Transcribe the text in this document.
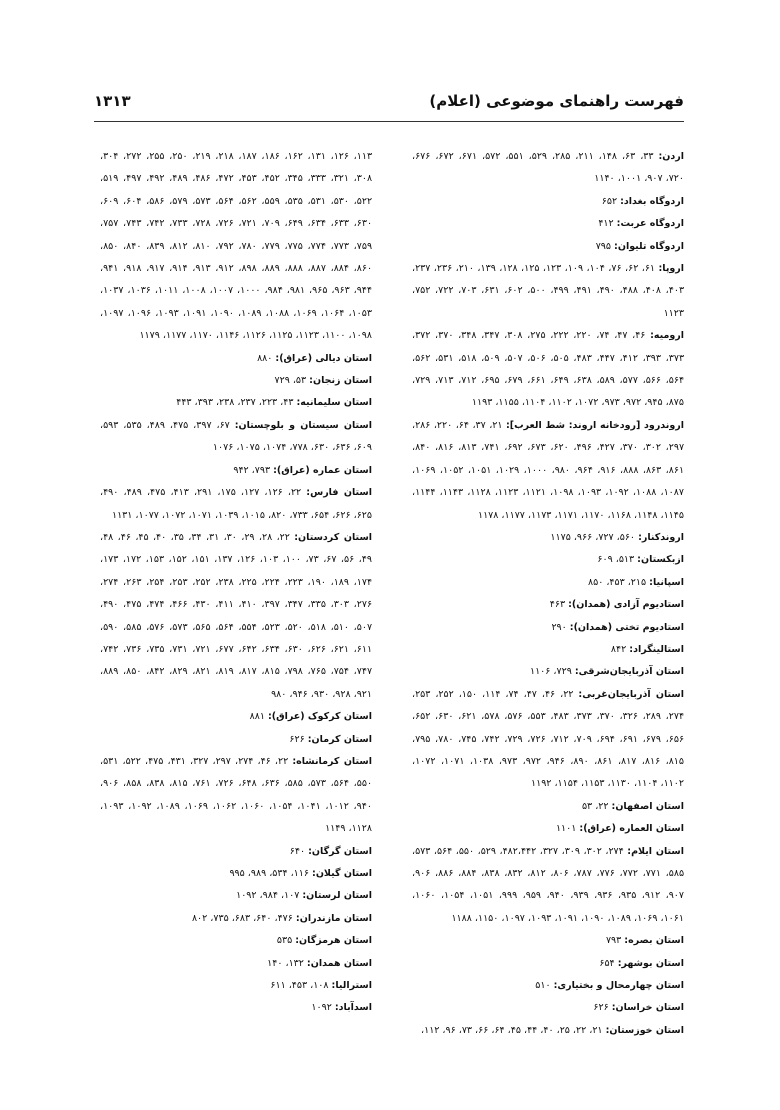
فهرست راهنمای موضوعی (اعلام)
۱۳۱۳

اردن: ۳۳، ۶۳، ۱۴۸، ۲۱۱، ۲۸۵، ۵۲۹، ۵۵۱، ۵۷۲، ۶۷۱، ۶۷۲، ۶۷۶، ۷۲۰، ۹۰۷، ۱۰۰۱، ۱۱۴۰

اردوگاه بغداد: ۶۵۲

اردوگاه عربت: ۴۱۲

اردوگاه تلیوان: ۷۹۵

اروپا: ۶۱، ۶۲، ۷۶، ۱۰۴، ۱۰۹، ۱۲۳، ۱۲۵، ۱۲۸، ۱۳۹، ۲۱۰، ۲۳۶، ۲۳۷، ۴۰۳، ۴۰۸، ۴۸۸، ۴۹۰، ۴۹۱، ۴۹۹، ۵۰۰، ۶۰۲، ۶۳۱، ۷۰۳، ۷۲۲، ۷۵۲، ۱۱۲۳

ارومیه: ۴۶، ۴۷، ۷۴، ۲۲۰، ۲۲۲، ۲۷۵، ۳۰۸، ۳۴۷، ۳۴۸، ۳۷۰، ۳۷۲، ۳۷۳، ۳۹۳، ۴۱۲، ۴۴۷، ۴۸۳، ۵۰۵، ۵۰۶، ۵۰۷، ۵۰۹، ۵۱۸، ۵۳۱، ۵۶۲، ۵۶۴، ۵۶۶، ۵۷۷، ۵۸۹، ۶۳۸، ۶۴۹، ۶۶۱، ۶۷۹، ۶۹۵، ۷۱۲، ۷۱۳، ۷۲۹، ۸۷۵، ۹۴۵، ۹۷۲، ۹۷۳، ۱۰۷۲، ۱۱۰۲، ۱۱۰۴، ۱۱۵۵، ۱۱۹۳

اروندرود [رودخانه اروند: شط العرب]: ۲۱، ۳۷، ۶۴، ۲۲۰، ۲۸۶، ۲۹۷، ۳۰۲، ۳۷۰، ۴۲۷، ۴۹۶، ۶۲۰، ۶۷۳، ۶۹۲، ۷۴۱، ۸۱۳، ۸۱۶، ۸۴۰، ۸۶۱، ۸۶۳، ۸۸۸، ۹۱۶، ۹۶۴، ۹۸۰، ۱۰۰۰، ۱۰۲۹، ۱۰۵۱، ۱۰۵۲، ۱۰۶۹، ۱۰۸۷، ۱۰۸۸، ۱۰۹۲، ۱۰۹۳، ۱۰۹۸، ۱۱۲۱، ۱۱۲۳، ۱۱۲۸، ۱۱۴۳، ۱۱۴۴، ۱۱۴۵، ۱۱۴۸، ۱۱۶۸، ۱۱۷۰، ۱۱۷۱، ۱۱۷۳، ۱۱۷۷، ۱۱۷۸

اروندکنار: ۵۶۰، ۷۲۷، ۹۶۶، ۱۱۷۵

ازبکستان: ۵۱۳، ۶۰۹

اسپانیا: ۲۱۵، ۴۵۳، ۸۵۰

استادیوم آزادی (همدان): ۴۶۳

استادیوم تختی (همدان): ۲۹۰

استالینگراد: ۸۴۲

استان آذربایجان‌شرقی: ۷۲۹، ۱۱۰۶

استان آذربایجان‌غربی: ۲۲، ۴۶، ۴۷، ۷۴، ۱۱۴، ۱۵۰، ۲۵۲، ۲۵۳، ۲۷۴، ۲۸۹، ۳۲۶، ۳۷۰، ۳۷۳، ۴۸۳، ۵۵۳، ۵۷۶، ۵۷۸، ۶۲۱، ۶۳۰، ۶۵۲، ۶۵۶، ۶۷۹، ۶۹۱، ۶۹۴، ۷۰۹، ۷۱۲، ۷۲۶، ۷۲۹، ۷۴۲، ۷۴۵، ۷۸۰، ۷۹۵، ۸۱۵، ۸۱۶، ۸۱۷، ۸۶۱، ۸۹۰، ۹۴۶، ۹۷۲، ۹۷۳، ۱۰۳۸، ۱۰۷۱، ۱۰۷۲، ۱۱۰۲، ۱۱۰۴، ۱۱۳۰، ۱۱۵۳، ۱۱۵۴، ۱۱۹۲

استان اصفهان: ۲۲، ۵۳

استان العماره (عراق): ۱۱۰۱

استان ایلام: ۲۷۴، ۳۰۲، ۳۰۹، ۳۲۷، ۴۸۲،۴۴۲، ۵۲۹، ۵۵۰، ۵۶۴، ۵۷۳، ۵۸۵، ۷۷۱، ۷۷۲، ۷۷۶، ۷۸۷، ۸۰۶، ۸۱۲، ۸۳۲، ۸۳۸، ۸۸۴، ۸۸۶، ۹۰۶، ۹۰۷، ۹۱۲، ۹۳۵، ۹۳۶، ۹۳۹، ۹۴۰، ۹۵۹، ۹۹۹، ۱۰۵۱، ۱۰۵۴، ۱۰۶۰، ۱۰۶۱، ۱۰۶۹، ۱۰۸۹، ۱۰۹۰، ۱۰۹۱، ۱۰۹۳، ۱۰۹۷، ۱۱۵۰، ۱۱۸۸

استان بصره: ۷۹۳

استان بوشهر: ۶۵۴

استان چهارمحال و بختیاری: ۵۱۰

استان خراسان: ۶۲۶

استان خوزستان: ۲۱، ۲۲، ۲۵، ۴۰، ۴۴، ۴۵، ۶۴، ۶۶، ۷۳، ۹۶، ۱۱۲،

۱۱۳، ۱۲۶، ۱۳۱، ۱۶۲، ۱۸۶، ۱۸۷، ۲۱۸، ۲۱۹، ۲۵۰، ۲۵۵، ۲۷۲، ۳۰۴، ۳۰۸، ۳۲۱، ۳۳۳، ۳۴۵، ۴۵۲، ۴۵۳، ۴۷۲، ۴۸۶، ۴۸۹، ۴۹۲، ۴۹۷، ۵۱۹، ۵۲۲، ۵۳۰، ۵۳۱، ۵۳۵، ۵۵۹، ۵۶۲، ۵۶۴، ۵۷۳، ۵۷۹، ۵۸۶، ۶۰۴، ۶۰۹، ۶۳۰، ۶۳۳، ۶۳۴، ۶۴۹، ۷۰۹، ۷۲۱، ۷۲۶، ۷۲۸، ۷۳۳، ۷۴۲، ۷۴۳، ۷۵۷، ۷۵۹، ۷۷۳، ۷۷۴، ۷۷۵، ۷۷۹، ۷۸۰، ۷۹۲، ۸۱۰، ۸۱۲، ۸۳۹، ۸۴۰، ۸۵۰، ۸۶۰، ۸۸۴، ۸۸۷، ۸۸۸، ۸۸۹، ۸۹۸، ۹۱۲، ۹۱۳، ۹۱۴، ۹۱۷، ۹۱۸، ۹۴۱، ۹۴۴، ۹۶۳، ۹۶۵، ۹۸۱، ۹۸۴، ۱۰۰۰، ۱۰۰۷، ۱۰۰۸، ۱۰۱۱، ۱۰۳۶، ۱۰۳۷، ۱۰۵۳، ۱۰۶۴، ۱۰۶۹، ۱۰۸۸، ۱۰۸۹، ۱۰۹۰، ۱۰۹۱، ۱۰۹۳، ۱۰۹۶، ۱۰۹۷، ۱۰۹۸، ۱۱۰۰، ۱۱۲۳، ۱۱۲۵، ۱۱۲۶، ۱۱۴۶، ۱۱۷۰، ۱۱۷۷، ۱۱۷۹

استان دیالی (عراق): ۸۸۰

استان زنجان: ۵۳، ۷۲۹

استان سلیمانیه: ۴۳، ۲۲۳، ۲۳۷، ۲۳۸، ۳۹۳، ۴۴۳

استان سیستان و بلوچستان: ۶۷، ۳۹۷، ۴۷۵، ۴۸۹، ۵۳۵، ۵۹۳، ۶۰۹، ۶۳۶، ۶۳۰، ۷۷۸، ۱۰۷۴، ۱۰۷۵، ۱۰۷۶

استان عماره (عراق): ۷۹۳، ۹۴۲

استان فارس: ۲۲، ۱۲۶، ۱۲۷، ۱۷۵، ۲۹۱، ۴۱۳، ۴۷۵، ۴۸۹، ۴۹۰، ۶۲۵، ۶۲۶، ۶۵۴، ۷۳۳، ۸۲۰، ۱۰۱۵، ۱۰۳۹، ۱۰۷۱، ۱۰۷۲، ۱۰۷۷، ۱۱۳۱

استان کردستان: ۲۲، ۲۸، ۲۹، ۳۰، ۳۱، ۳۴، ۳۵، ۴۰، ۴۵، ۴۶، ۴۸، ۴۹، ۵۶، ۶۷، ۷۳، ۱۰۰، ۱۰۳، ۱۲۶، ۱۳۷، ۱۵۱، ۱۵۲، ۱۵۳، ۱۷۲، ۱۷۳، ۱۷۴، ۱۸۹، ۱۹۰، ۲۲۳، ۲۲۴، ۲۲۵، ۲۳۸، ۲۵۲، ۲۵۳، ۲۵۴، ۲۶۳، ۲۷۴، ۲۷۶، ۳۰۳، ۳۳۵، ۳۴۷، ۳۹۷، ۴۱۰، ۴۱۱، ۴۳۰، ۴۶۶، ۴۷۴، ۴۷۵، ۴۹۰، ۵۰۷، ۵۱۰، ۵۱۸، ۵۲۰، ۵۲۳، ۵۵۴، ۵۶۴، ۵۶۵، ۵۷۳، ۵۷۶، ۵۸۵، ۵۹۰، ۶۱۱، ۶۲۱، ۶۲۶، ۶۳۰، ۶۳۴، ۶۴۲، ۶۷۷، ۷۲۱، ۷۳۱، ۷۳۵، ۷۳۶، ۷۴۲، ۷۴۷، ۷۵۴، ۷۶۵، ۷۹۸، ۸۱۵، ۸۱۷، ۸۱۹، ۸۲۱، ۸۲۹، ۸۴۲، ۸۵۰، ۸۸۹، ۹۲۱، ۹۲۸، ۹۳۰، ۹۴۶، ۹۸۰

استان کرکوک (عراق): ۸۸۱

استان کرمان: ۶۲۶

استان کرمانشاه: ۲۲، ۴۶، ۲۷۴، ۲۹۷، ۳۲۷، ۴۳۱، ۴۷۵، ۵۲۲، ۵۳۱، ۵۵۰، ۵۶۴، ۵۷۳، ۵۸۵، ۶۳۶، ۶۴۸، ۷۲۶، ۷۶۱، ۸۱۵، ۸۳۸، ۸۵۸، ۹۰۶، ۹۴۰، ۱۰۱۲، ۱۰۴۱، ۱۰۵۴، ۱۰۶۰، ۱۰۶۲، ۱۰۶۹، ۱۰۸۹، ۱۰۹۲، ۱۰۹۳، ۱۱۲۸، ۱۱۴۹

استان گرگان: ۶۴۰

استان گیلان: ۱۱۶، ۵۳۴، ۹۸۹، ۹۹۵

استان لرستان: ۱۰۷، ۹۸۴، ۱۰۹۲

استان مازندران: ۴۷۶، ۶۴۰، ۶۸۳، ۷۳۵، ۸۰۲

استان هرمزگان: ۵۳۵

استان همدان: ۱۳۲، ۱۴۰

استرالیا: ۱۰۸، ۴۵۳، ۶۱۱

اسدآباد: ۱۰۹۲
